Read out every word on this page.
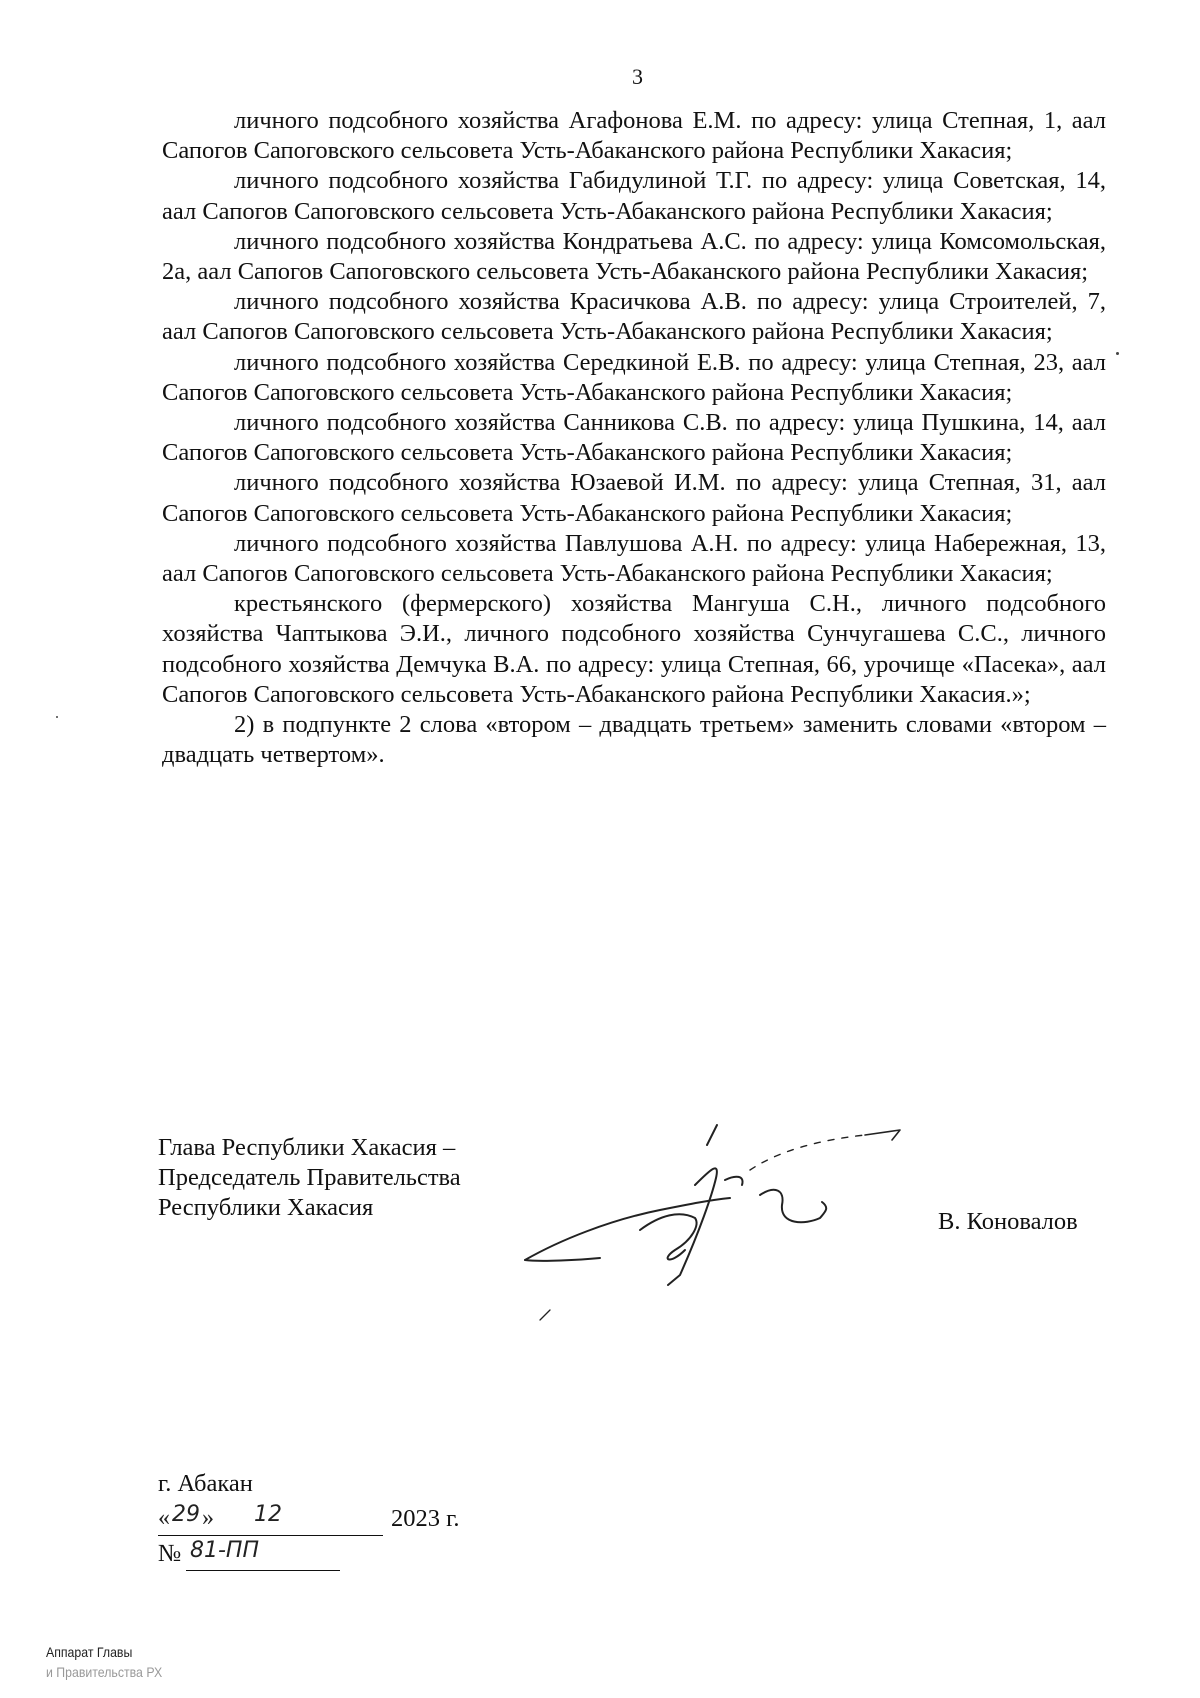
3

личного подсобного хозяйства Агафонова Е.М. по адресу: улица Степная, 1, аал Сапогов Сапоговского сельсовета Усть-Абаканского района Республики Хакасия;

личного подсобного хозяйства Габидулиной Т.Г. по адресу: улица Советская, 14, аал Сапогов Сапоговского сельсовета Усть-Абаканского района Республики Хакасия;

личного подсобного хозяйства Кондратьева А.С. по адресу: улица Комсомольская, 2а, аал Сапогов Сапоговского сельсовета Усть-Абаканского района Республики Хакасия;

личного подсобного хозяйства Красичкова А.В. по адресу: улица Строителей, 7, аал Сапогов Сапоговского сельсовета Усть-Абаканского района Республики Хакасия;

личного подсобного хозяйства Середкиной Е.В. по адресу: улица Степная, 23, аал Сапогов Сапоговского сельсовета Усть-Абаканского района Республики Хакасия;

личного подсобного хозяйства Санникова С.В. по адресу: улица Пушкина, 14, аал Сапогов Сапоговского сельсовета Усть-Абаканского района Республики Хакасия;

личного подсобного хозяйства Юзаевой И.М. по адресу: улица Степная, 31, аал Сапогов Сапоговского сельсовета Усть-Абаканского района Республики Хакасия;

личного подсобного хозяйства Павлушова А.Н. по адресу: улица Набережная, 13, аал Сапогов Сапоговского сельсовета Усть-Абаканского района Республики Хакасия;

крестьянского (фермерского) хозяйства Мангуша С.Н., личного подсобного хозяйства Чаптыкова Э.И., личного подсобного хозяйства Сунчугашева С.С., личного подсобного хозяйства Демчука В.А. по адресу: улица Степная, 66, урочище «Пасека», аал Сапогов Сапоговского сельсовета Усть-Абаканского района Республики Хакасия.»;

2) в подпункте 2 слова «втором – двадцать третьем» заменить словами «втором – двадцать четвертом».

Глава Республики Хакасия –
Председатель Правительства
Республики Хакасия
В. Коновалов
г. Абакан
« 29 » 12	2023 г.
№ 81-ПП
Аппарат Главы
и Правительства РХ
